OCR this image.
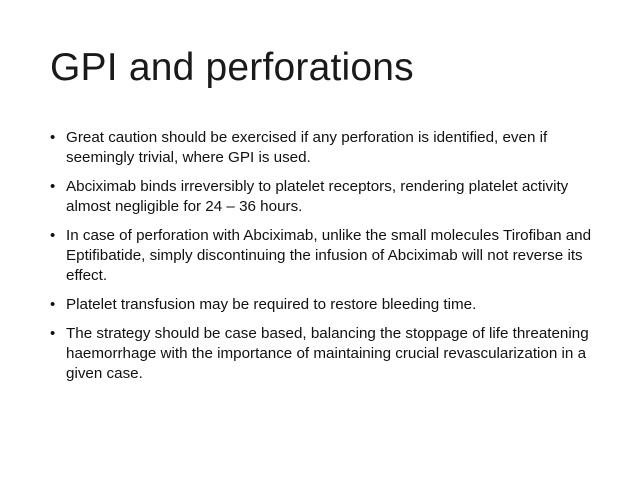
GPI and perforations
• Great caution should be exercised if any perforation is identified, even if seemingly trivial, where GPI is used.
• Abciximab binds irreversibly to platelet receptors, rendering platelet activity almost negligible for 24 – 36 hours.
• In case of perforation with Abciximab, unlike the small molecules Tirofiban and Eptifibatide, simply discontinuing the infusion of Abciximab will not reverse its effect.
• Platelet transfusion may be required to restore bleeding time.
• The strategy should be case based, balancing the stoppage of life threatening haemorrhage with the importance of maintaining crucial revascularization in a given case.
